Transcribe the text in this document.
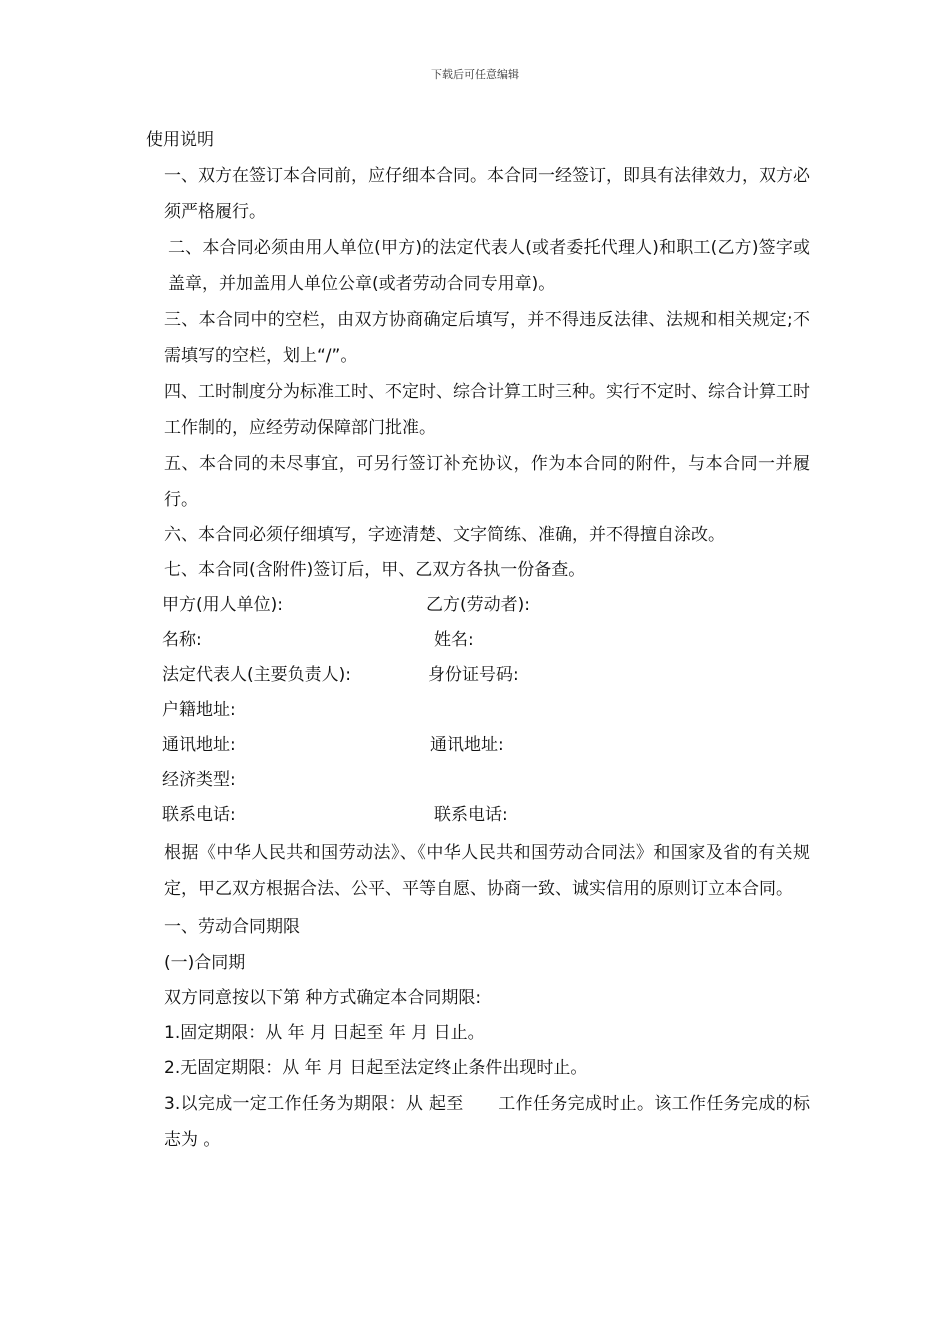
下载后可任意编辑

使用说明

一、双方在签订本合同前，应仔细本合同。本合同一经签订，即具有法律效力，双方必须严格履行。

二、本合同必须由用人单位(甲方)的法定代表人(或者委托代理人)和职工(乙方)签字或盖章，并加盖用人单位公章(或者劳动合同专用章)。

三、本合同中的空栏，由双方协商确定后填写，并不得违反法律、法规和相关规定;不需填写的空栏，划上“/”。

四、工时制度分为标准工时、不定时、综合计算工时三种。实行不定时、综合计算工时工作制的，应经劳动保障部门批准。

五、本合同的未尽事宜，可另行签订补充协议，作为本合同的附件，与本合同一并履行。

六、本合同必须仔细填写，字迹清楚、文字简练、准确，并不得擅自涂改。

七、本合同(含附件)签订后，甲、乙双方各执一份备查。

甲方(用人单位):	乙方(劳动者):
名称:	姓名:
法定代表人(主要负责人):	身份证号码:
户籍地址:
通讯地址:	通讯地址:
经济类型:
联系电话:	联系电话:

根据《中华人民共和国劳动法》、《中华人民共和国劳动合同法》和国家及省的有关规定，甲乙双方根据合法、公平、平等自愿、协商一致、诚实信用的原则订立本合同。

一、劳动合同期限

(一)合同期

双方同意按以下第 种方式确定本合同期限:

1.固定期限：从 年 月 日起至 年 月 日止。

2.无固定期限：从 年 月 日起至法定终止条件出现时止。

3.以完成一定工作任务为期限：从 起至　　工作任务完成时止。该工作任务完成的标志为 。
